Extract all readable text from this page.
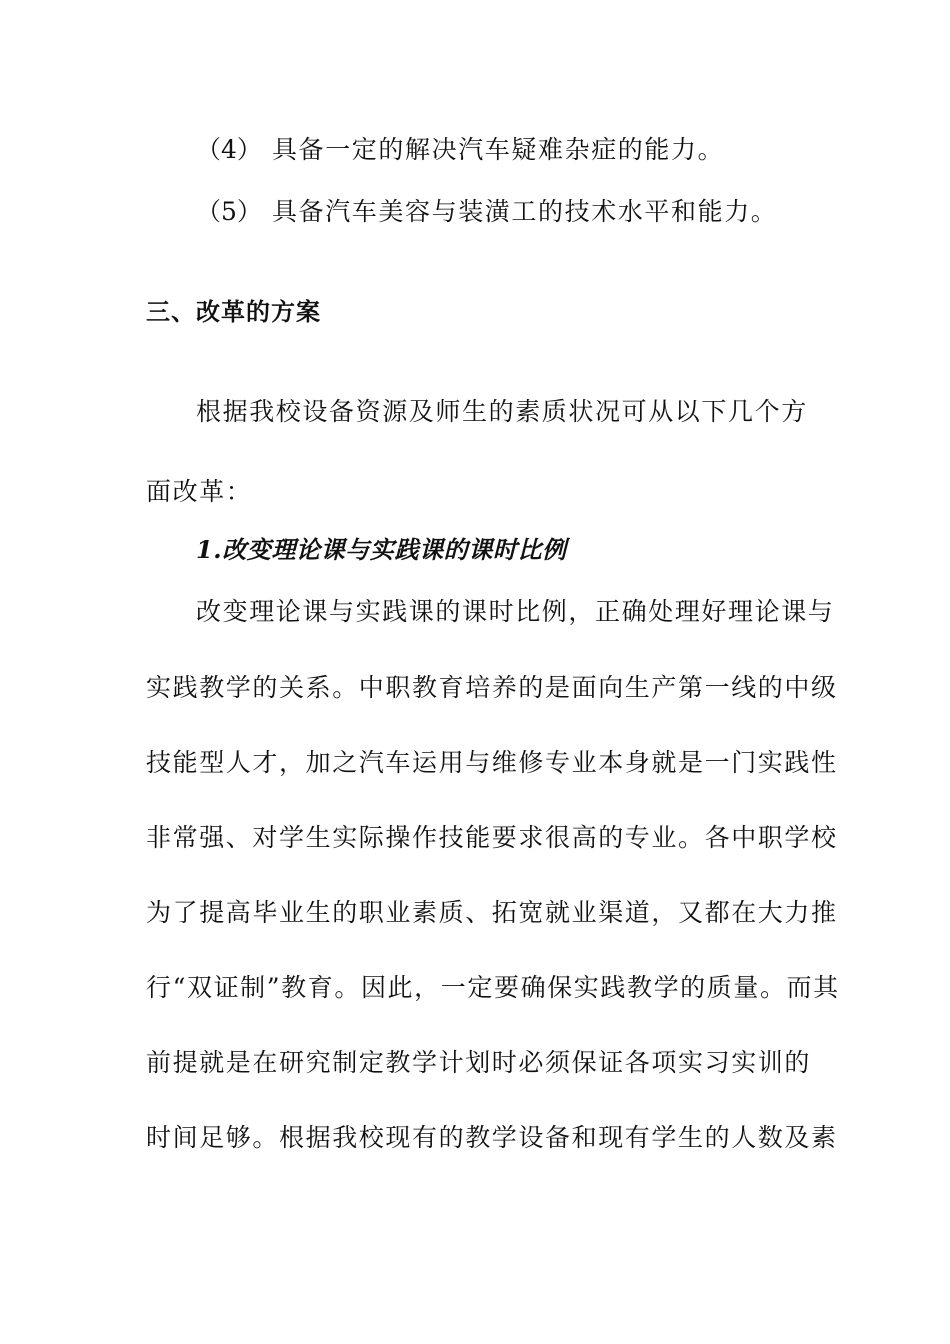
（4） 具备一定的解决汽车疑难杂症的能力。
（5） 具备汽车美容与装潢工的技术水平和能力。
三、改革的方案
根据我校设备资源及师生的素质状况可从以下几个方
面改革：
1.改变理论课与实践课的课时比例
改变理论课与实践课的课时比例，正确处理好理论课与
实践教学的关系。中职教育培养的是面向生产第一线的中级
技能型人才，加之汽车运用与维修专业本身就是一门实践性
非常强、对学生实际操作技能要求很高的专业。各中职学校
为了提高毕业生的职业素质、拓宽就业渠道，又都在大力推
行“双证制”教育。因此，一定要确保实践教学的质量。而其
前提就是在研究制定教学计划时必须保证各项实习实训的
时间足够。根据我校现有的教学设备和现有学生的人数及素
